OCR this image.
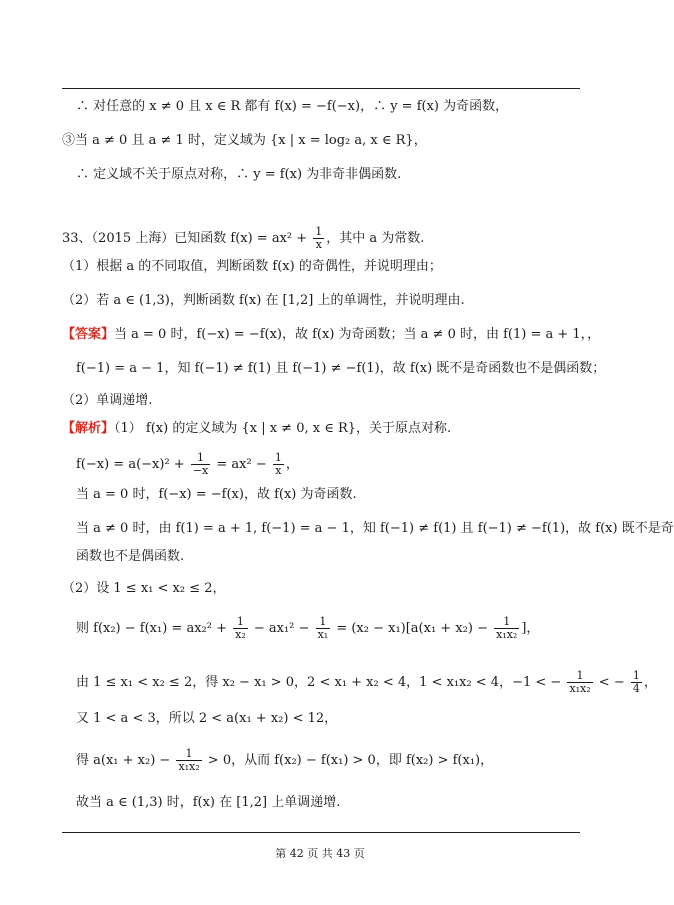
∴ 对任意的 x ≠ 0 且 x ∈ R 都有 f(x) = −f(−x)，∴ y = f(x) 为奇函数，
③当 a ≠ 0 且 a ≠ 1 时，定义域为 {x | x = log₂ a, x ∈ R}，
∴ 定义域不关于原点对称，∴ y = f(x) 为非奇非偶函数.
33、（2015 上海）已知函数 $f(x) = ax^2 + \frac{1}{x}$ ，其中 a 为常数.
（1）根据 a 的不同取值，判断函数 f(x) 的奇偶性，并说明理由；
（2）若 a ∈ (1,3)，判断函数 f(x) 在 [1,2] 上的单调性，并说明理由.
【答案】当 a = 0 时，f(−x) = −f(x)，故 f(x) 为奇函数；当 a ≠ 0 时，由 f(1) = a + 1，，
f(−1) = a − 1，知 f(−1) ≠ f(1) 且 f(−1) ≠ −f(1)，故 f(x) 既不是奇函数也不是偶函数；
（2）单调递增.
【解析】（1） f(x) 的定义域为 {x | x ≠ 0, x ∈ R}，关于原点对称.
$f(-x) = a(-x)^2 + \frac{1}{-x} = ax^2 - \frac{1}{x}$ ，
当 a = 0 时，f(−x) = −f(x)，故 f(x) 为奇函数.
当 a ≠ 0 时，由 f(1) = a + 1, f(−1) = a − 1，知 f(−1) ≠ f(1) 且 f(−1) ≠ −f(1)，故 f(x) 既不是奇
函数也不是偶函数.
（2）设 1 ≤ x₁ < x₂ ≤ 2，
则 $f(x_2) - f(x_1) = ax_2^2 + \frac{1}{\text{x₂}} - ax_1^2 - \frac{1}{\text{x₁}} = (x_2 - x_1)[a(x_1 + x_2) - \frac{1}{\text{x₁x₂}}$ ]，
由 1 ≤ x₁ < x₂ ≤ 2，得 x₂ − x₁ > 0，2 < x₁ + x₂ < 4，1 < x₁x₂ < 4，−1 < − $\frac{1}{\text{x₁x₂}}$ < − $\frac{1}{4}$ ，
又 1 < a < 3，所以 2 < a(x₁ + x₂) < 12，
得 $a(x_1 + x_2) - \frac{1}{\text{x₁x₂}} > 0$，从而 f(x₂) − f(x₁) > 0，即 f(x₂) > f(x₁)，
故当 a ∈ (1,3) 时，f(x) 在 [1,2] 上单调递增.
第 42 页 共 43 页
